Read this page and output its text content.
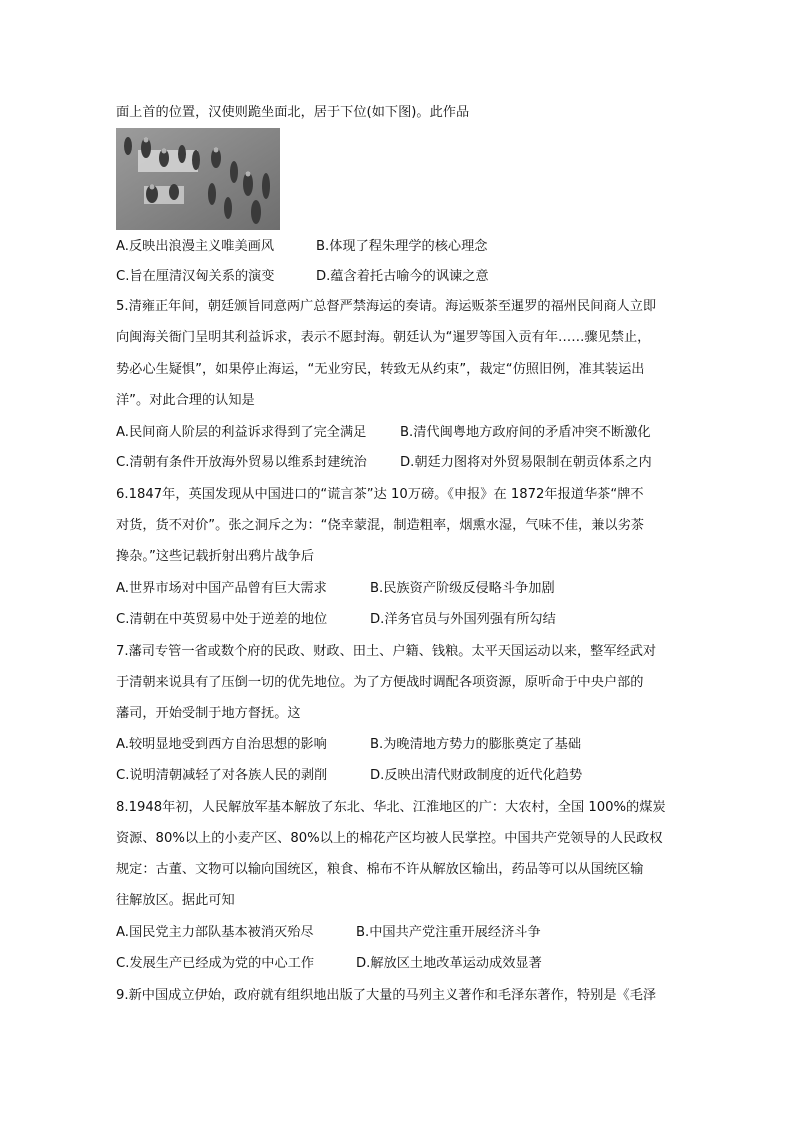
面上首的位置，汉使则跪坐面北，居于下位(如下图)。此作品
A.反映出浪漫主义唯美画风	B.体现了程朱理学的核心理念
C.旨在厘清汉匈关系的演变	D.蕴含着托古喻今的讽谏之意
5.清雍正年间，朝廷颁旨同意两广总督严禁海运的奏请。海运贩茶至暹罗的福州民间商人立即
向闽海关衙门呈明其利益诉求，表示不愿封海。朝廷认为“暹罗等国入贡有年……骤见禁止，
势必心生疑惧”，如果停止海运，“无业穷民，转致无从约束”，裁定“仿照旧例，准其装运出
洋”。对此合理的认知是
A.民间商人阶层的利益诉求得到了完全满足	B.清代闽粤地方政府间的矛盾冲突不断激化
C.清朝有条件开放海外贸易以维系封建统治	D.朝廷力图将对外贸易限制在朝贡体系之内
6.1847年，英国发现从中国进口的“谎言茶”达 10万磅。《申报》在 1872年报道华茶“牌不
对货，货不对价”。张之洞斥之为：“侥幸蒙混，制造粗率，烟熏水湿，气味不佳，兼以劣茶
搀杂。”这些记载折射出鸦片战争后
A.世界市场对中国产品曾有巨大需求	B.民族资产阶级反侵略斗争加剧
C.清朝在中英贸易中处于逆差的地位	D.洋务官员与外国列强有所勾结
7.藩司专管一省或数个府的民政、财政、田土、户籍、钱粮。太平天国运动以来，整军经武对
于清朝来说具有了压倒一切的优先地位。为了方便战时调配各项资源，原听命于中央户部的
藩司，开始受制于地方督抚。这
A.较明显地受到西方自治思想的影响	B.为晚清地方势力的膨胀奠定了基础
C.说明清朝减轻了对各族人民的剥削	D.反映出清代财政制度的近代化趋势
8.1948年初，人民解放军基本解放了东北、华北、江淮地区的广：大农村，全国 100%的煤炭
资源、80%以上的小麦产区、80%以上的棉花产区均被人民掌控。中国共产党领导的人民政权
规定：古董、文物可以输向国统区，粮食、棉布不许从解放区输出，药品等可以从国统区输
往解放区。据此可知
A.国民党主力部队基本被消灭殆尽	B.中国共产党注重开展经济斗争
C.发展生产已经成为党的中心工作	D.解放区土地改革运动成效显著
9.新中国成立伊始，政府就有组织地出版了大量的马列主义著作和毛泽东著作，特别是《毛泽
